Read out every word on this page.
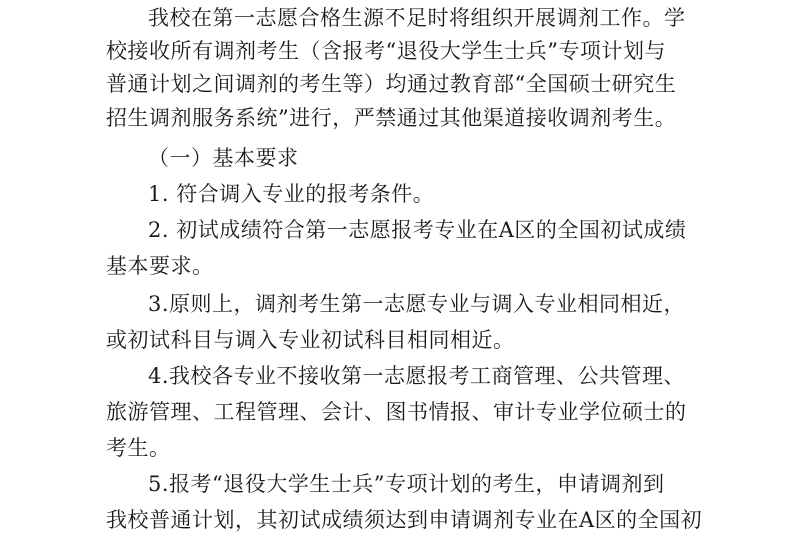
我校在第一志愿合格生源不足时将组织开展调剂工作。学
校接收所有调剂考生（含报考“退役大学生士兵”专项计划与
普通计划之间调剂的考生等）均通过教育部“全国硕士研究生
招生调剂服务系统”进行，严禁通过其他渠道接收调剂考生。
（一）基本要求
1. 符合调入专业的报考条件。
2. 初试成绩符合第一志愿报考专业在A区的全国初试成绩
基本要求。
3.原则上，调剂考生第一志愿专业与调入专业相同相近，
或初试科目与调入专业初试科目相同相近。
4.我校各专业不接收第一志愿报考工商管理、公共管理、
旅游管理、工程管理、会计、图书情报、审计专业学位硕士的
考生。
5.报考“退役大学生士兵”专项计划的考生，申请调剂到
我校普通计划，其初试成绩须达到申请调剂专业在A区的全国初
